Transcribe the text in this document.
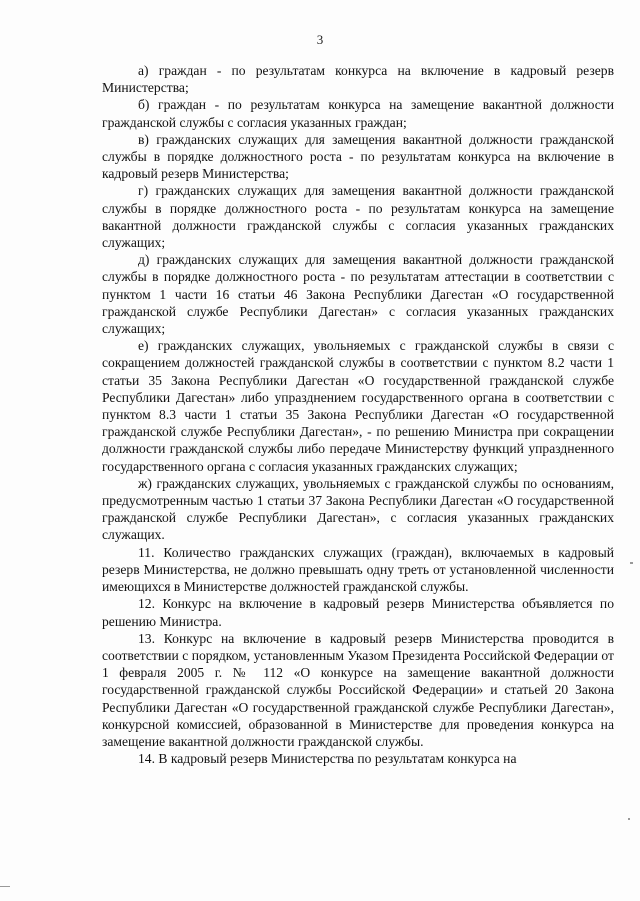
3

а) граждан - по результатам конкурса на включение в кадровый резерв Министерства;

б) граждан - по результатам конкурса на замещение вакантной должности гражданской службы с согласия указанных граждан;

в) гражданских служащих для замещения вакантной должности гражданской службы в порядке должностного роста - по результатам конкурса на включение в кадровый резерв Министерства;

г) гражданских служащих для замещения вакантной должности гражданской службы в порядке должностного роста - по результатам конкурса на замещение вакантной должности гражданской службы с согласия указанных гражданских служащих;

д) гражданских служащих для замещения вакантной должности гражданской службы в порядке должностного роста - по результатам аттестации в соответствии с пунктом 1 части 16 статьи 46 Закона Республики Дагестан «О государственной гражданской службе Республики Дагестан» с согласия указанных гражданских служащих;

е) гражданских служащих, увольняемых с гражданской службы в связи с сокращением должностей гражданской службы в соответствии с пунктом 8.2 части 1 статьи 35 Закона Республики Дагестан «О государственной гражданской службе Республики Дагестан» либо упразднением государственного органа в соответствии с пунктом 8.3 части 1 статьи 35 Закона Республики Дагестан «О государственной гражданской службе Республики Дагестан», - по решению Министра при сокращении должности гражданской службы либо передаче Министерству функций упраздненного государственного органа с согласия указанных гражданских служащих;

ж) гражданских служащих, увольняемых с гражданской службы по основаниям, предусмотренным частью 1 статьи 37 Закона Республики Дагестан «О государственной гражданской службе Республики Дагестан», с согласия указанных гражданских служащих.

11. Количество гражданских служащих (граждан), включаемых в кадровый резерв Министерства, не должно превышать одну треть от установленной численности имеющихся в Министерстве должностей гражданской службы.

12. Конкурс на включение в кадровый резерв Министерства объявляется по решению Министра.

13. Конкурс на включение в кадровый резерв Министерства проводится в соответствии с порядком, установленным Указом Президента Российской Федерации от 1 февраля 2005 г. № 112 «О конкурсе на замещение вакантной должности государственной гражданской службы Российской Федерации» и статьей 20 Закона Республики Дагестан «О государственной гражданской службе Республики Дагестан», конкурсной комиссией, образованной в Министерстве для проведения конкурса на замещение вакантной должности гражданской службы.

14. В кадровый резерв Министерства по результатам конкурса на
